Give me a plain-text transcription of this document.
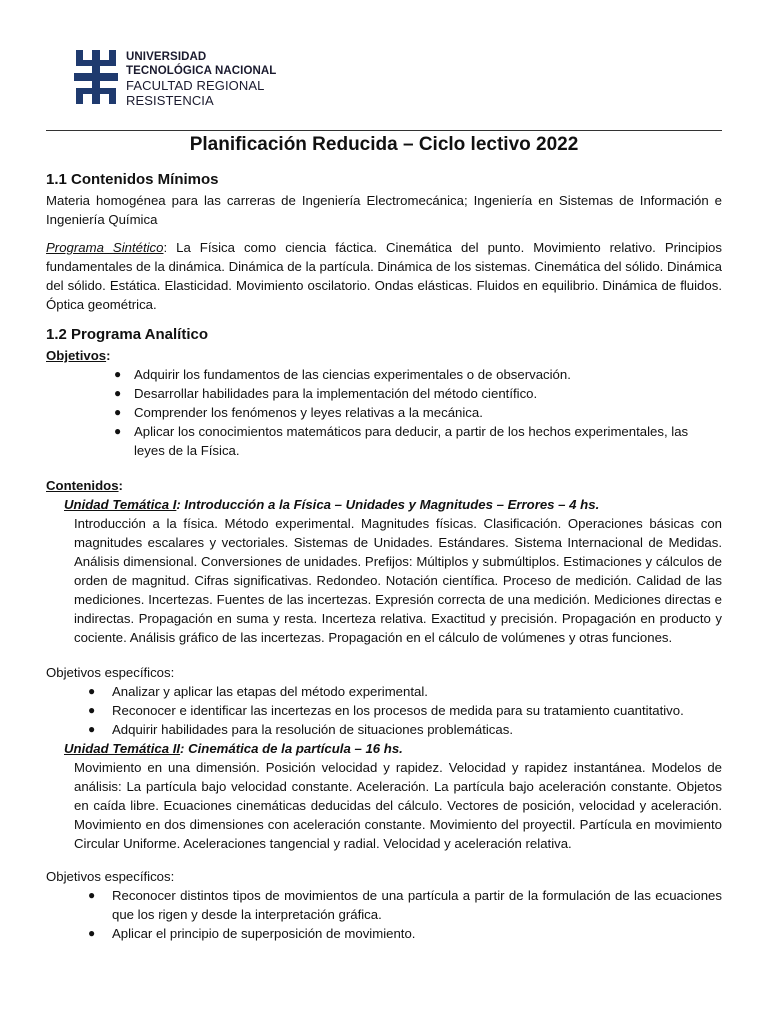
UNIVERSIDAD
TECNOLÓGICA NACIONAL
FACULTAD REGIONAL
RESISTENCIA
Planificación Reducida – Ciclo lectivo 2022
1.1 Contenidos Mínimos

Materia homogénea para las carreras de Ingeniería Electromecánica; Ingeniería en Sistemas de Información e Ingeniería Química

Programa Sintético: La Física como ciencia fáctica. Cinemática del punto. Movimiento relativo. Principios fundamentales de la dinámica. Dinámica de la partícula. Dinámica de los sistemas. Cinemática del sólido. Dinámica del sólido. Estática. Elasticidad. Movimiento oscilatorio. Ondas elásticas. Fluidos en equilibrio. Dinámica de fluidos. Óptica geométrica.

1.2 Programa Analítico

Objetivos:

● Adquirir los fundamentos de las ciencias experimentales o de observación.
● Desarrollar habilidades para la implementación del método científico.
● Comprender los fenómenos y leyes relativas a la mecánica.
● Aplicar los conocimientos matemáticos para deducir, a partir de los hechos experimentales, las leyes de la Física.

Contenidos:

Unidad Temática I: Introducción a la Física – Unidades y Magnitudes – Errores – 4 hs.

Introducción a la física. Método experimental. Magnitudes físicas. Clasificación. Operaciones básicas con magnitudes escalares y vectoriales. Sistemas de Unidades. Estándares. Sistema Internacional de Medidas. Análisis dimensional. Conversiones de unidades. Prefijos: Múltiplos y submúltiplos. Estimaciones y cálculos de orden de magnitud. Cifras significativas. Redondeo. Notación científica. Proceso de medición. Calidad de las mediciones. Incertezas. Fuentes de las incertezas. Expresión correcta de una medición. Mediciones directas e indirectas. Propagación en suma y resta. Incerteza relativa. Exactitud y precisión. Propagación en producto y cociente. Análisis gráfico de las incertezas. Propagación en el cálculo de volúmenes y otras funciones.

Objetivos específicos:

● Analizar y aplicar las etapas del método experimental.
● Reconocer e identificar las incertezas en los procesos de medida para su tratamiento cuantitativo.
● Adquirir habilidades para la resolución de situaciones problemáticas.

Unidad Temática II: Cinemática de la partícula – 16 hs.

Movimiento en una dimensión. Posición velocidad y rapidez. Velocidad y rapidez instantánea. Modelos de análisis: La partícula bajo velocidad constante. Aceleración. La partícula bajo aceleración constante. Objetos en caída libre. Ecuaciones cinemáticas deducidas del cálculo. Vectores de posición, velocidad y aceleración. Movimiento en dos dimensiones con aceleración constante. Movimiento del proyectil. Partícula en movimiento Circular Uniforme. Aceleraciones tangencial y radial. Velocidad y aceleración relativa.

Objetivos específicos:

● Reconocer distintos tipos de movimientos de una partícula a partir de la formulación de las ecuaciones que los rigen y desde la interpretación gráfica.
● Aplicar el principio de superposición de movimiento.
